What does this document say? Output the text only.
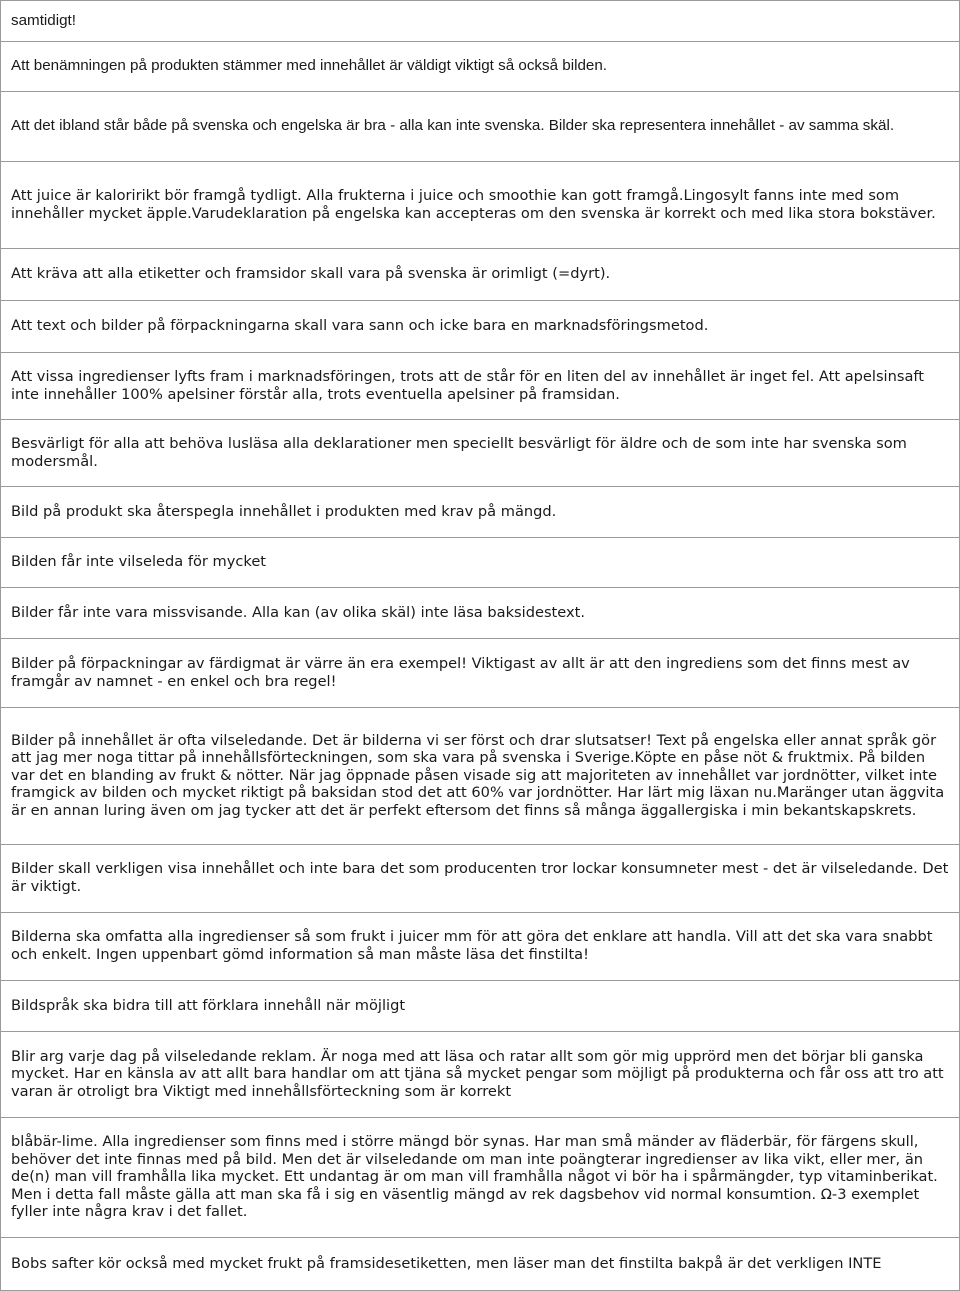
samtidigt!
Att benämningen på produkten stämmer med innehållet är väldigt viktigt så också bilden.
Att det ibland står både på svenska och engelska är bra - alla kan inte svenska. Bilder ska representera innehållet - av samma skäl.
Att juice är kaloririkt bör framgå tydligt. Alla frukterna i juice och smoothie kan gott framgå.Lingosylt fanns inte med som innehåller mycket äpple.Varudeklaration på engelska kan accepteras om den svenska är korrekt och med lika stora bokstäver.
Att kräva att alla etiketter och framsidor skall vara på svenska är orimligt (=dyrt).
Att text och bilder på förpackningarna skall vara sann och icke bara en marknadsföringsmetod.
Att vissa ingredienser lyfts fram i marknadsföringen, trots att de står för en liten del av innehållet är inget fel. Att apelsinsaft inte innehåller 100% apelsiner förstår alla, trots eventuella apelsiner på framsidan.
Besvärligt för alla att behöva lusläsa alla deklarationer men speciellt besvärligt för äldre och de som inte har svenska som modersmål.
Bild på produkt ska återspegla innehållet i produkten med krav på mängd.
Bilden får inte vilseleda för mycket
Bilder får inte vara missvisande. Alla kan (av olika skäl) inte läsa baksidestext.
Bilder på förpackningar av färdigmat är värre än era exempel! Viktigast av allt är att den ingrediens som det finns mest av framgår av namnet - en enkel och bra regel!
Bilder på innehållet är ofta vilseledande. Det är bilderna vi ser först och drar slutsatser! Text på engelska eller annat språk gör att jag mer noga tittar på innehållsförteckningen, som ska vara på svenska i Sverige.Köpte en påse nöt & fruktmix. På bilden var det en blanding av frukt & nötter. När jag öppnade påsen visade sig att majoriteten av innehållet var jordnötter, vilket inte framgick av bilden och mycket riktigt på baksidan stod det att 60% var jordnötter. Har lärt mig läxan nu.Maränger utan äggvita är en annan luring även om jag tycker att det är perfekt eftersom det finns så många äggallergiska i min bekantskapskrets.
Bilder skall verkligen visa innehållet och inte bara det som producenten tror lockar konsumneter mest - det är vilseledande. Det är viktigt.
Bilderna ska omfatta alla ingredienser så som frukt i juicer mm för att göra det enklare att handla. Vill att det ska vara snabbt och enkelt. Ingen uppenbart gömd information så man måste läsa det finstilta!
Bildspråk ska bidra till att förklara innehåll när möjligt
Blir arg varje dag på vilseledande reklam. Är noga med att läsa och ratar allt som gör mig upprörd men det börjar bli ganska mycket. Har en känsla av att allt bara handlar om att tjäna så mycket pengar som möjligt på produkterna och får oss att tro att varan är otroligt bra Viktigt med innehållsförteckning som är korrekt
blåbär-lime. Alla ingredienser som finns med i större mängd bör synas. Har man små mänder av fläderbär, för färgens skull, behöver det inte finnas med på bild. Men det är vilseledande om man inte poängterar ingredienser av lika vikt, eller mer, än de(n) man vill framhålla lika mycket. Ett undantag är om man vill framhålla något vi bör ha i spårmängder, typ vitaminberikat. Men i detta fall måste gälla att man ska få i sig en väsentlig mängd av rek dagsbehov vid normal konsumtion. Ω-3 exemplet fyller inte några krav i det fallet.
Bobs safter kör också med mycket frukt på framsidesetiketten, men läser man det finstilta bakpå är det verkligen INTE
